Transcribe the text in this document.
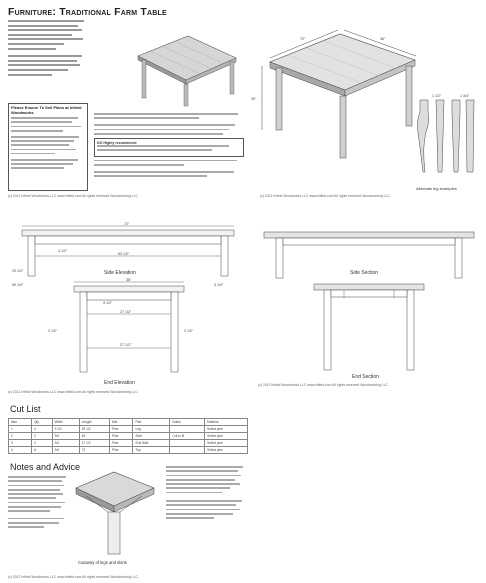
Furniture: Traditional Farm Table
Please Ensure To Sell Plans at Infield Woodworks
DO Highly recommend:
(c) 2012 Infield Woodworks LLC www.infield.com All rights reserved Woodworking LLC
72"	36"
30"
1 1/2"	1 3/4"
Alternate leg examples
(c) 2012 Infield Woodworks LLC www.infield.com All rights reserved Woodworking LLC
72"
63 1/2"
29 1/2"
4 1/2"
Side Elevation
30 1/4"	3 1/4"
36"
27 1/2"
9 1/2"
27 1/2"
3 1/2"	3 1/2"
End Elevation
(c) 2012 Infield Woodworks LLC www.infield.com All rights reserved Woodworking LLC
Side Section
End Section
(c) 2012 Infield Woodworks LLC www.infield.com All rights reserved Woodworking LLC
Cut List
Item	Qty	Width	Length	Mat	Part	Notes	Material
1	4	3 1/2	29 1/2	Pine	Leg		Select pine
2	2	3/4	63	Pine	Skirt	Cut to fit	Select pine
3	2	3/4	27 1/2	Pine	End Skirt		Select pine
4	6	3/4	72	Pine	Top		Select pine
Notes and Advice
Cutaway of legs and skirts
(c) 2012 Infield Woodworks LLC www.infield.com All rights reserved Woodworking LLC
